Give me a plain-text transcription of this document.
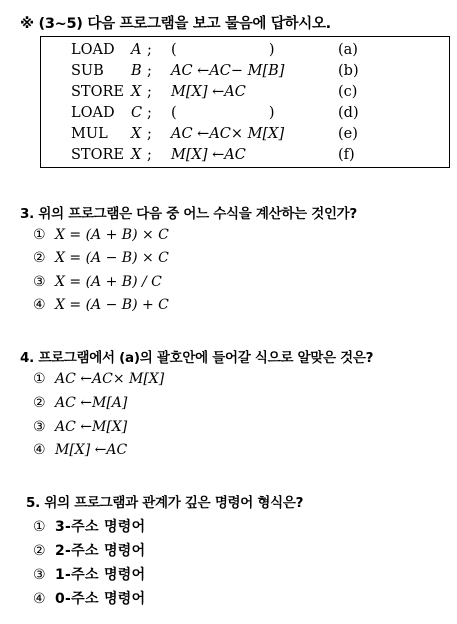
※ (3~5) 다음 프로그램을 보고 물음에 답하시오.
LOAD A ; (                    )	(a)
SUB B ; AC ←AC− M[B]	(b)
STORE X ; M[X] ←AC	(c)
LOAD C ; (                    )	(d)
MUL X ; AC ←AC× M[X]	(e)
STORE X ; M[X] ←AC	(f)
3. 위의 프로그램은 다음 중 어느 수식을 계산하는 것인가?
① X = (A + B) × C
② X = (A − B) × C
③ X = (A + B) / C
④ X = (A − B) + C
4. 프로그램에서 (a)의 괄호안에 들어갈 식으로 알맞은 것은?
① AC ←AC× M[X]
② AC ←M[A]
③ AC ←M[X]
④ M[X] ←AC
5. 위의 프로그램과 관계가 깊은 명령어 형식은?
① 3-주소 명령어
② 2-주소 명령어
③ 1-주소 명령어
④ 0-주소 명령어
